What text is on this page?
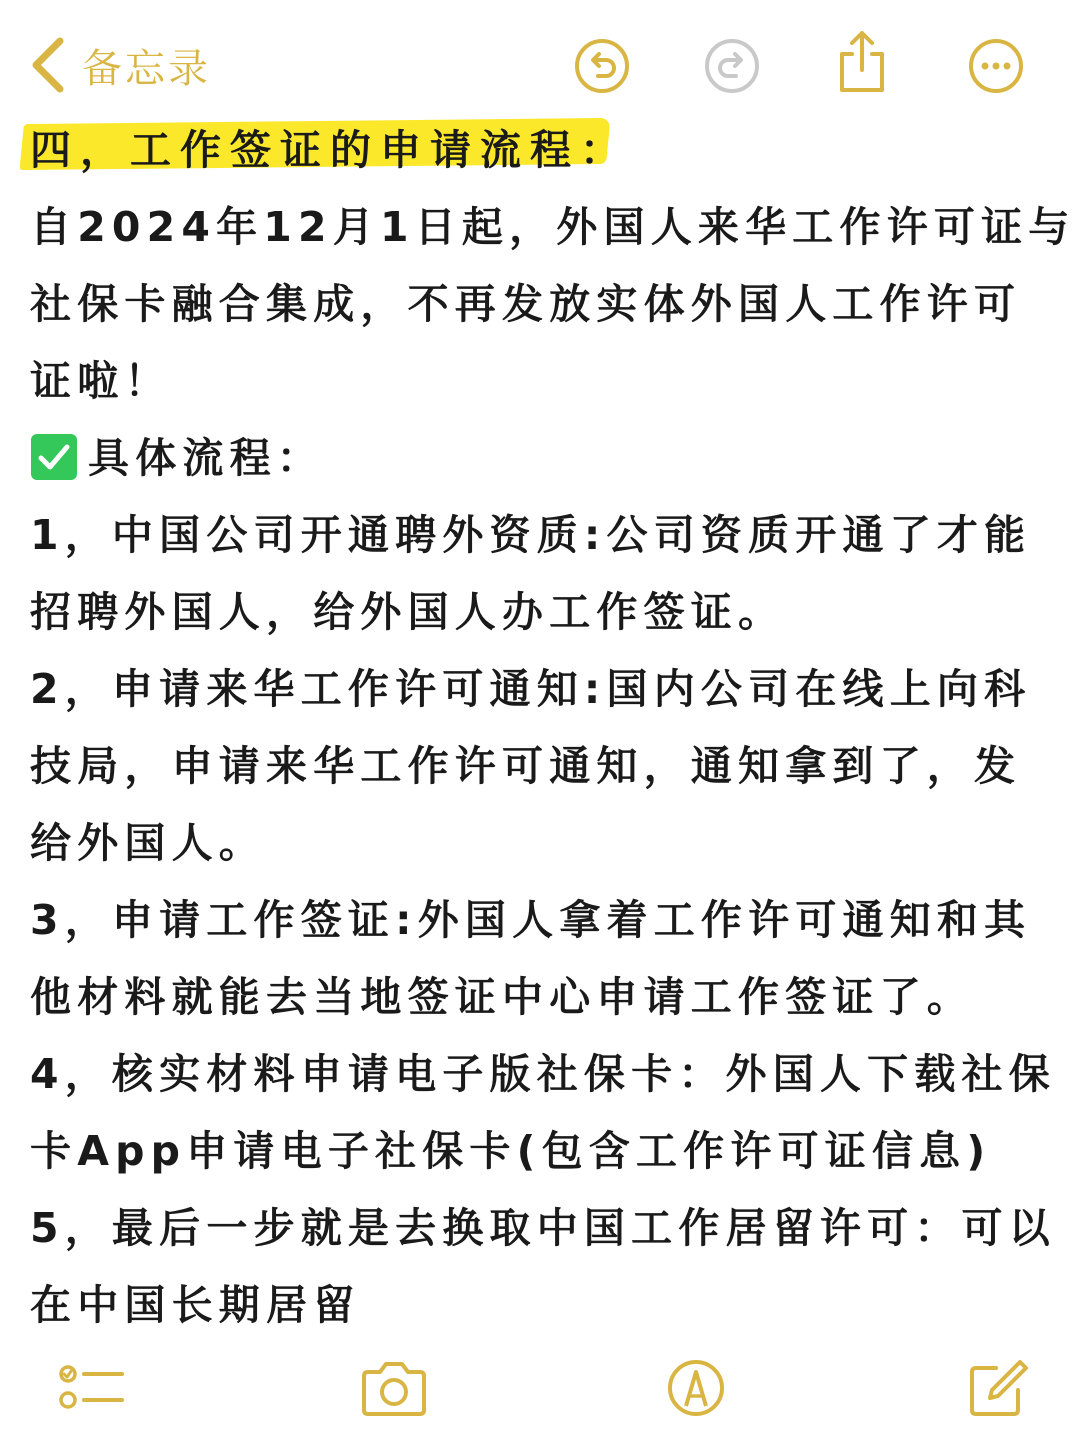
备忘录
四，工作签证的申请流程：
自2024年12月1日起，外国人来华工作许可证与
社保卡融合集成，不再发放实体外国人工作许可
证啦！
具体流程：
1，中国公司开通聘外资质:公司资质开通了才能
招聘外国人，给外国人办工作签证。
2，申请来华工作许可通知:国内公司在线上向科
技局，申请来华工作许可通知，通知拿到了，发
给外国人。
3，申请工作签证:外国人拿着工作许可通知和其
他材料就能去当地签证中心申请工作签证了。
4，核实材料申请电子版社保卡：外国人下载社保
卡App申请电子社保卡(包含工作许可证信息)
5，最后一步就是去换取中国工作居留许可：可以
在中国长期居留
